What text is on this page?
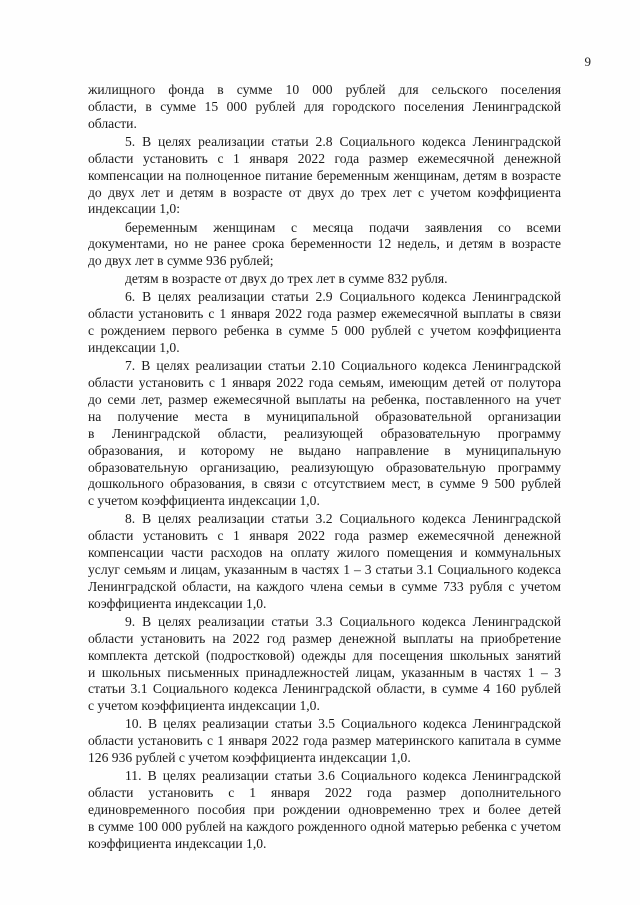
9
жилищного фонда в сумме 10 000 рублей для сельского поселения
области, в сумме 15 000 рублей для городского поселения Ленинградской
области.
5. В целях реализации статьи 2.8 Социального кодекса Ленинградской
области установить с 1 января 2022 года размер ежемесячной денежной
компенсации на полноценное питание беременным женщинам, детям в возрасте
до двух лет и детям в возрасте от двух до трех лет с учетом коэффициента
индексации 1,0:
беременным женщинам с месяца подачи заявления со всеми
документами, но не ранее срока беременности 12 недель, и детям в возрасте
до двух лет в сумме 936 рублей;
детям в возрасте от двух до трех лет в сумме 832 рубля.
6. В целях реализации статьи 2.9 Социального кодекса Ленинградской
области установить с 1 января 2022 года размер ежемесячной выплаты в связи
с рождением первого ребенка в сумме 5 000 рублей с учетом коэффициента
индексации 1,0.
7. В целях реализации статьи 2.10 Социального кодекса Ленинградской
области установить с 1 января 2022 года семьям, имеющим детей от полутора
до семи лет, размер ежемесячной выплаты на ребенка, поставленного на учет
на получение места в муниципальной образовательной организации
в Ленинградской области, реализующей образовательную программу
образования, и которому не выдано направление в муниципальную
образовательную организацию, реализующую образовательную программу
дошкольного образования, в связи с отсутствием мест, в сумме 9 500 рублей
с учетом коэффициента индексации 1,0.
8. В целях реализации статьи 3.2 Социального кодекса Ленинградской
области установить с 1 января 2022 года размер ежемесячной денежной
компенсации части расходов на оплату жилого помещения и коммунальных
услуг семьям и лицам, указанным в частях 1 – 3 статьи 3.1 Социального кодекса
Ленинградской области, на каждого члена семьи в сумме 733 рубля с учетом
коэффициента индексации 1,0.
9. В целях реализации статьи 3.3 Социального кодекса Ленинградской
области установить на 2022 год размер денежной выплаты на приобретение
комплекта детской (подростковой) одежды для посещения школьных занятий
и школьных письменных принадлежностей лицам, указанным в частях 1 – 3
статьи 3.1 Социального кодекса Ленинградской области, в сумме 4 160 рублей
с учетом коэффициента индексации 1,0.
10. В целях реализации статьи 3.5 Социального кодекса Ленинградской
области установить с 1 января 2022 года размер материнского капитала в сумме
126 936 рублей с учетом коэффициента индексации 1,0.
11. В целях реализации статьи 3.6 Социального кодекса Ленинградской
области установить с 1 января 2022 года размер дополнительного
единовременного пособия при рождении одновременно трех и более детей
в сумме 100 000 рублей на каждого рожденного одной матерью ребенка с учетом
коэффициента индексации 1,0.
